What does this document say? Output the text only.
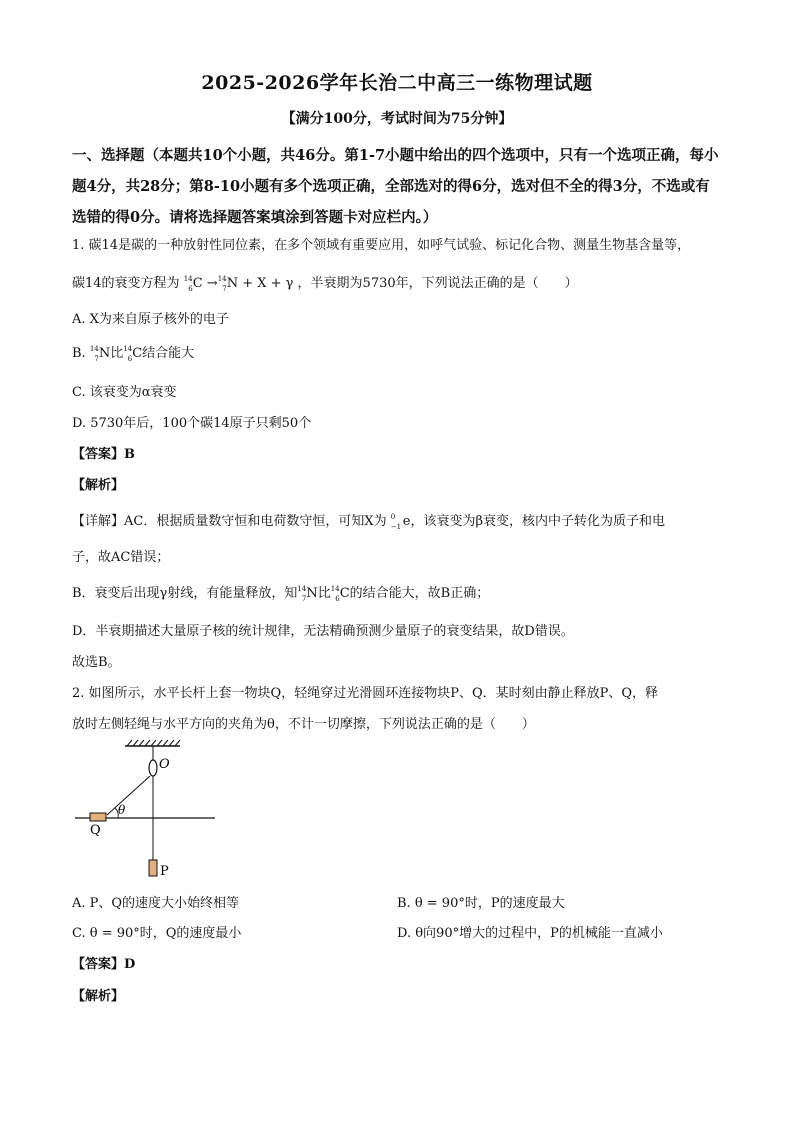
2025-2026学年长治二中高三一练物理试题
【满分100分，考试时间为75分钟】
一、选择题（本题共10个小题，共46分。第1-7小题中给出的四个选项中，只有一个选项正确，每小题4分，共28分；第8-10小题有多个选项正确，全部选对的得6分，选对但不全的得3分，不选或有选错的得0分。请将选择题答案填涂到答题卡对应栏内。）
1. 碳14是碳的一种放射性同位素，在多个领域有重要应用，如呼气试验、标记化合物、测量生物基含量等，
碳14的衰变方程为 14
6 C → 14
7 N + X + γ ，半衰期为5730年，下列说法正确的是（　　）
A. X为来自原子核外的电子
B. 14
7 N比 14
6 C结合能大
C. 该衰变为α衰变
D. 5730年后，100个碳14原子只剩50个
【答案】B
【解析】
【详解】AC．根据质量数守恒和电荷数守恒，可知X为 0
−1 e，该衰变为β衰变，核内中子转化为质子和电
子，故AC错误；
B．衰变后出现γ射线，有能量释放，知 14
7 N比 14
6 C的结合能大，故B正确；
D．半衰期描述大量原子核的统计规律，无法精确预测少量原子的衰变结果，故D错误。
故选B。
2. 如图所示，水平长杆上套一物块Q，轻绳穿过光滑圆环连接物块P、Q．某时刻由静止释放P、Q，释
放时左侧轻绳与水平方向的夹角为θ，不计一切摩擦，下列说法正确的是（　　）
O
Q
θ
P
A. P、Q的速度大小始终相等	B. θ = 90°时，P的速度最大
C. θ = 90°时，Q的速度最小	D. θ向90°增大的过程中，P的机械能一直减小
【答案】D
【解析】
